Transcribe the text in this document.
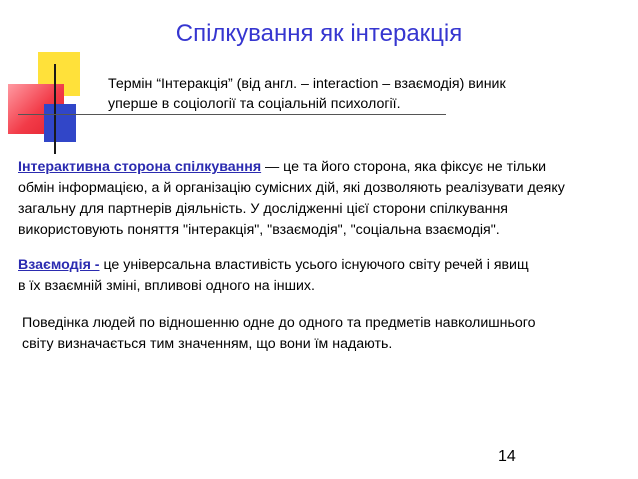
Спілкування як інтеракція
Термін “Інтеракція” (від англ. – interaction – взаємодія) виник
уперше в соціології та соціальній психології.
Інтерактивна сторона спілкування — це та його сторона, яка фіксує не тільки
обмін інформацією, а й організацію сумісних дій, які дозволяють реалізувати деяку
загальну для партнерів діяльність. У дослідженні цієї сторони спілкування
використовують поняття "інтеракція", "взаємодія", "соціальна взаємодія".
Взаємодія - це універсальна властивість усього існуючого світу речей і явищ
в їх взаємній зміні, впливові одного на інших.
Поведінка людей по відношенню одне до одного та предметів навколишнього
світу визначається тим значенням, що вони їм надають.
14
